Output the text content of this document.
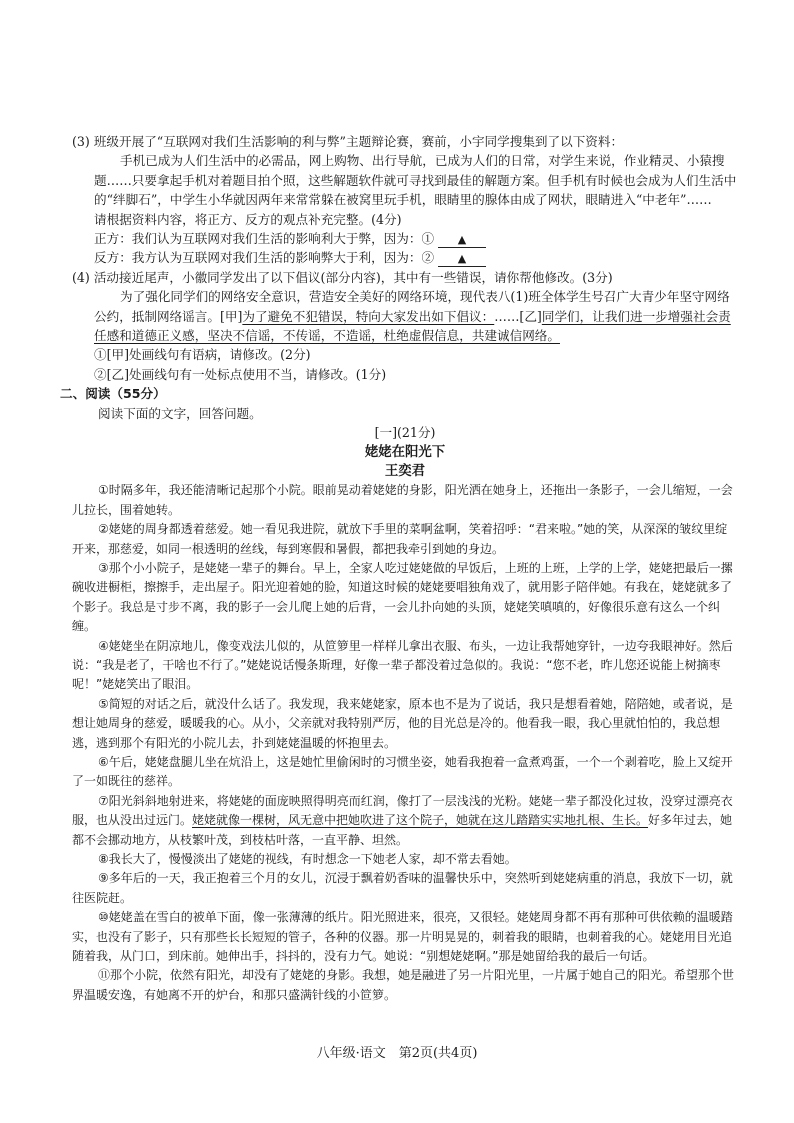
(3) 班级开展了“互联网对我们生活影响的利与弊”主题辩论赛，赛前，小宇同学搜集到了以下资料：

手机已成为人们生活中的必需品，网上购物、出行导航，已成为人们的日常，对学生来说，作业精灵、小猿搜题……只要拿起手机对着题目拍个照，这些解题软件就可寻找到最佳的解题方案。但手机有时候也会成为人们生活中的“绊脚石”，中学生小华就因两年来常常躲在被窝里玩手机，眼睛里的腺体由成了网状，眼睛进入“中老年”……

请根据资料内容，将正方、反方的观点补充完整。(4分)

正方：我们认为互联网对我们生活的影响利大于弊，因为：① ▲

反方：我方认为互联网对我们生活的影响弊大于利，因为：② ▲

(4) 活动接近尾声，小徽同学发出了以下倡议(部分内容)，其中有一些错误，请你帮他修改。(3分)

为了强化同学们的网络安全意识，营造安全美好的网络环境，现代表八(1)班全体学生号召广大青少年坚守网络公约，抵制网络谣言。[甲]为了避免不犯错误，特向大家发出如下倡议：……[乙]同学们，让我们进一步增强社会责任感和道德正义感，坚决不信谣，不传谣，不造谣，杜绝虚假信息，共建诚信网络。

①[甲]处画线句有语病，请修改。(2分)

②[乙]处画线句有一处标点使用不当，请修改。(1分)

二、阅读（55分）

阅读下面的文字，回答问题。

[一](21分)

姥姥在阳光下

王奕君

①时隔多年，我还能清晰记起那个小院。眼前晃动着姥姥的身影，阳光洒在她身上，还拖出一条影子，一会儿缩短，一会儿拉长，围着她转。

②姥姥的周身都透着慈爱。她一看见我进院，就放下手里的菜啊盆啊，笑着招呼：“君来啦。”她的笑，从深深的皱纹里绽开来，那慈爱，如同一根透明的丝线，每到寒假和暑假，都把我牵引到她的身边。

③那个小小院子，是姥姥一辈子的舞台。早上，全家人吃过姥姥做的早饭后，上班的上班，上学的上学，姥姥把最后一摞碗收进橱柜，擦擦手，走出屋子。阳光迎着她的脸，知道这时候的姥姥要唱独角戏了，就用影子陪伴她。有我在，姥姥就多了个影子。我总是寸步不离，我的影子一会儿爬上她的后背，一会儿扑向她的头顶，姥姥笑嗔嗔的，好像很乐意有这么一个纠缠。

④姥姥坐在阴凉地儿，像变戏法儿似的，从笸箩里一样样儿拿出衣服、布头，一边让我帮她穿针，一边夸我眼神好。然后说：“我是老了，干啥也不行了。”姥姥说话慢条斯理，好像一辈子都没着过急似的。我说：“您不老，昨儿您还说能上树摘枣呢！”姥姥笑出了眼泪。

⑤简短的对话之后，就没什么话了。我发现，我来姥姥家，原本也不是为了说话，我只是想看着她，陪陪她，或者说，是想让她周身的慈爱，暖暖我的心。从小，父亲就对我特别严厉，他的目光总是冷的。他看我一眼，我心里就怕怕的，我总想逃，逃到那个有阳光的小院儿去，扑到姥姥温暖的怀抱里去。

⑥午后，姥姥盘腿儿坐在炕沿上，这是她忙里偷闲时的习惯坐姿，她看我抱着一盒煮鸡蛋，一个一个剥着吃，脸上又绽开了一如既往的慈祥。

⑦阳光斜斜地射进来，将姥姥的面庞映照得明亮而红润，像打了一层浅浅的光粉。姥姥一辈子都没化过妆，没穿过漂亮衣服，也从没出过远门。姥姥就像一棵树，风无意中把她吹进了这个院子，她就在这儿踏踏实实地扎根、生长。好多年过去，她都不会挪动地方，从枝繁叶茂，到枝枯叶落，一直平静、坦然。

⑧我长大了，慢慢淡出了姥姥的视线，有时想念一下她老人家，却不常去看她。

⑨多年后的一天，我正抱着三个月的女儿，沉浸于飘着奶香味的温馨快乐中，突然听到姥姥病重的消息，我放下一切，就往医院赶。

⑩姥姥盖在雪白的被单下面，像一张薄薄的纸片。阳光照进来，很亮，又很轻。姥姥周身都不再有那种可供依赖的温暖踏实，也没有了影子，只有那些长长短短的管子，各种的仪器。那一片明晃晃的，刺着我的眼睛，也刺着我的心。姥姥用目光追随着我，从门口，到床前。她伸出手，抖抖的，没有力气。她说：“别想姥姥啊。”那是她留给我的最后一句话。

⑪那个小院，依然有阳光，却没有了姥姥的身影。我想，她是融进了另一片阳光里，一片属于她自己的阳光。希望那个世界温暖安逸，有她离不开的炉台，和那只盛满针线的小笸箩。

八年级·语文　第2页(共4页)
